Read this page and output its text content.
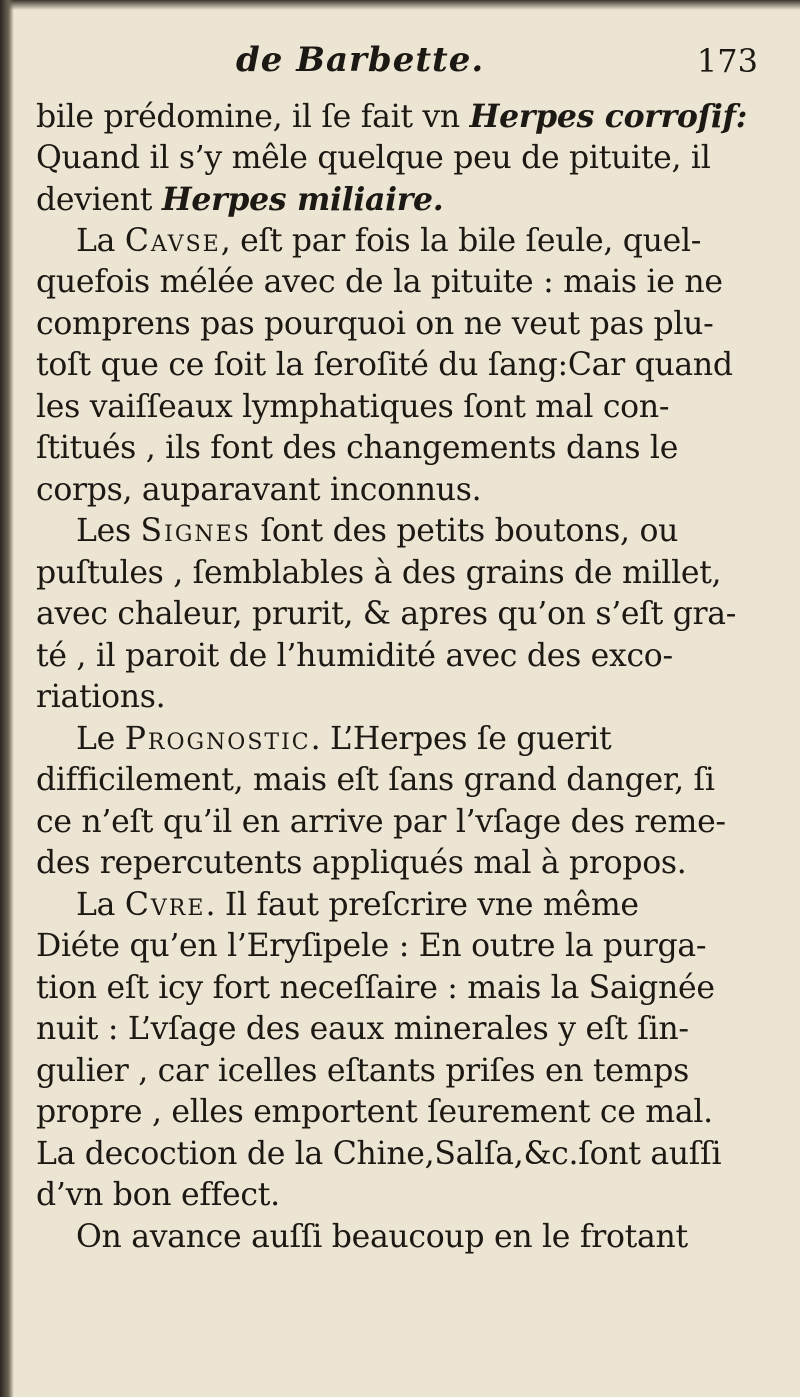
de Barbette.	173
bile prédomine, il ſe fait vn Herpes corroſif:
Quand il s’y mêle quelque peu de pituite, il
devient Herpes miliaire.
La Cavse, eſt par fois la bile ſeule, quel-
quefois mélée avec de la pituite : mais ie ne
comprens pas pourquoi on ne veut pas plu-
toſt que ce ſoit la ſeroſité du ſang:Car quand
les vaiſſeaux lymphatiques ſont mal con-
ſtitués , ils font des changements dans le
corps, auparavant inconnus.
Les Signes ſont des petits boutons, ou
puſtules , ſemblables à des grains de millet,
avec chaleur, prurit, & apres qu’on s’eſt gra-
té , il paroit de l’humidité avec des exco-
riations.
Le Prognostic. L’Herpes ſe guerit
difficilement, mais eſt ſans grand danger, ſi
ce n’eſt qu’il en arrive par l’vſage des reme-
des repercutents appliqués mal à propos.
La Cvre. Il faut preſcrire vne même
Diéte qu’en l’Eryſipele : En outre la purga-
tion eſt icy fort neceſſaire : mais la Saignée
nuit : L’vſage des eaux minerales y eſt ſin-
gulier , car icelles eſtants priſes en temps
propre , elles emportent ſeurement ce mal.
La decoction de la Chine,Salſa,&c.ſont auſſi
d’vn bon effect.
On avance auſſi beaucoup en le frotant
